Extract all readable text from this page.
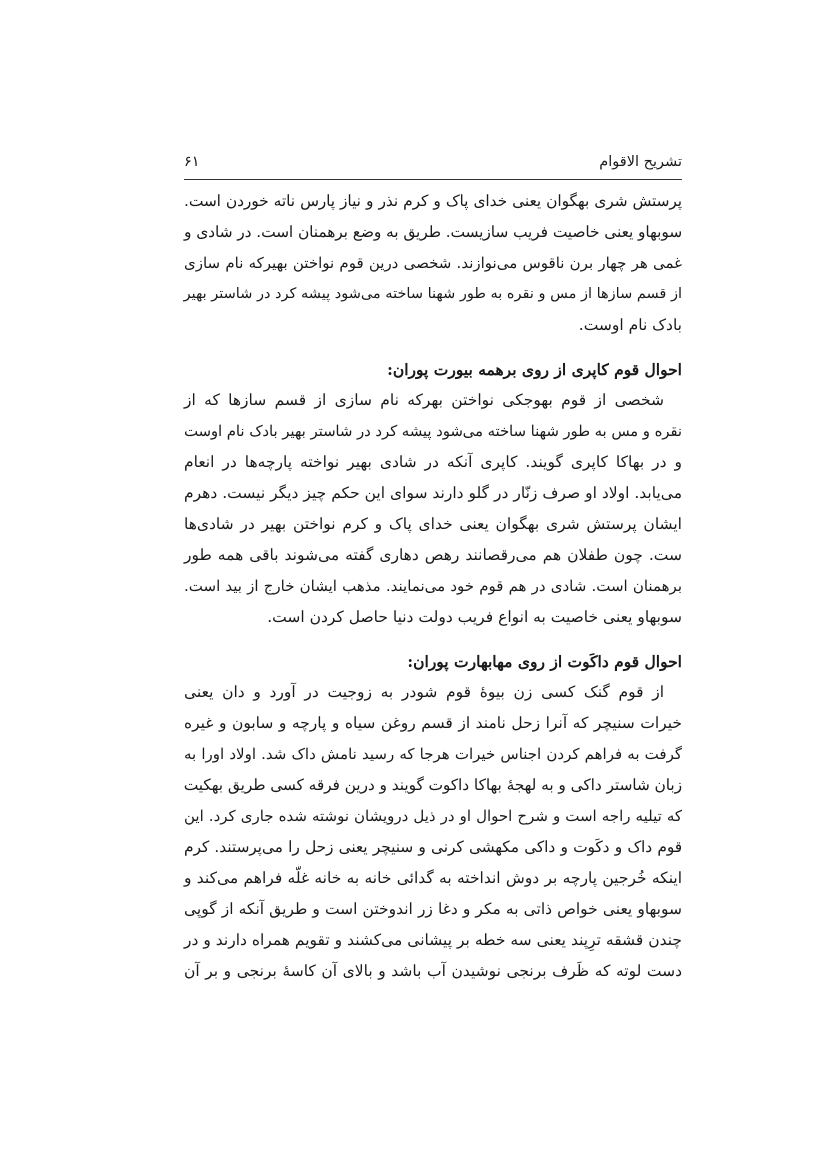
تشریح الاقوام
۶۱
پرستش شری بهگوان یعنی خدای پاک و کرم نذر و نیاز پارس ناته خوردن است.
سوبهاو یعنی خاصیت فریب سازیست. طریق به وضع برهمنان است. در شادی و
غمی هر چهار برن ناقوس می‌نوازند. شخصی درین قوم نواختن بهیرکه نام سازی
از قسم سازها از مس و نقره به طور شهنا ساخته می‌شود پیشه کرد در شاستر بهیر
بادک نام اوست.
احوال قوم کاپری از روی برهمه بیورت پوران:
شخصی از قوم بهوجکی نواختن بهرکه نام سازی از قسم سازها که از
نقره و مس به طور شهنا ساخته می‌شود پیشه کرد در شاستر بهیر بادک نام اوست
و در بهاکا کاپری گویند. کاپری آنکه در شادی بهیر نواخته پارچه‌ها در انعام
می‌یابد. اولاد او صرف زنّار در گلو دارند سوای این حکم چیز دیگر نیست. دهرم
ایشان پرستش شری بهگوان یعنی خدای پاک و کرم نواختن بهیر در شادی‌ها
ست. چون طفلان هم می‌رقصانند رهص دهاری گفته می‌شوند باقی همه طور
برهمنان است. شادی در هم قوم خود می‌نمایند. مذهب ایشان خارج از بید است.
سوبهاو یعنی خاصیت به انواع فریب دولت دنیا حاصل کردن است.
احوال قوم داکَوت از روی مهابهارت پوران:
از قوم گنک کسی زن بیوهٔ قوم شودر به زوجیت در آورد و دان یعنی
خیرات سنیچر که آنرا زحل نامند از قسم روغن سیاه و پارچه و سابون و غیره
گرفت به فراهم کردن اجناس خیرات هرجا که رسید نامش داک شد. اولاد اورا به
زبان شاستر داکی و به لهجهٔ بهاکا داکوت گویند و درین فرقه کسی طریق بهکیت
که تیلیه راجه است و شرح احوال او در ذیل درویشان نوشته شده جاری کرد. این
قوم داک و دکَوت و داکی مکهشی کرنی و سنیچر یعنی زحل را می‌پرستند. کرم
اینکه خُرجین پارچه بر دوش انداخته به گدائی خانه به خانه غلّه فراهم می‌کند و
سوبهاو یعنی خواص ذاتی به مکر و دغا زر اندوختن است و طریق آنکه از گوپی
چندن قشقه ترِپند یعنی سه خطه بر پیشانی می‌کشند و تقویم همراه دارند و در
دست لوته که ظَرف برنجی نوشیدن آب باشد و بالای آن کاسهٔ برنجی و بر آن
